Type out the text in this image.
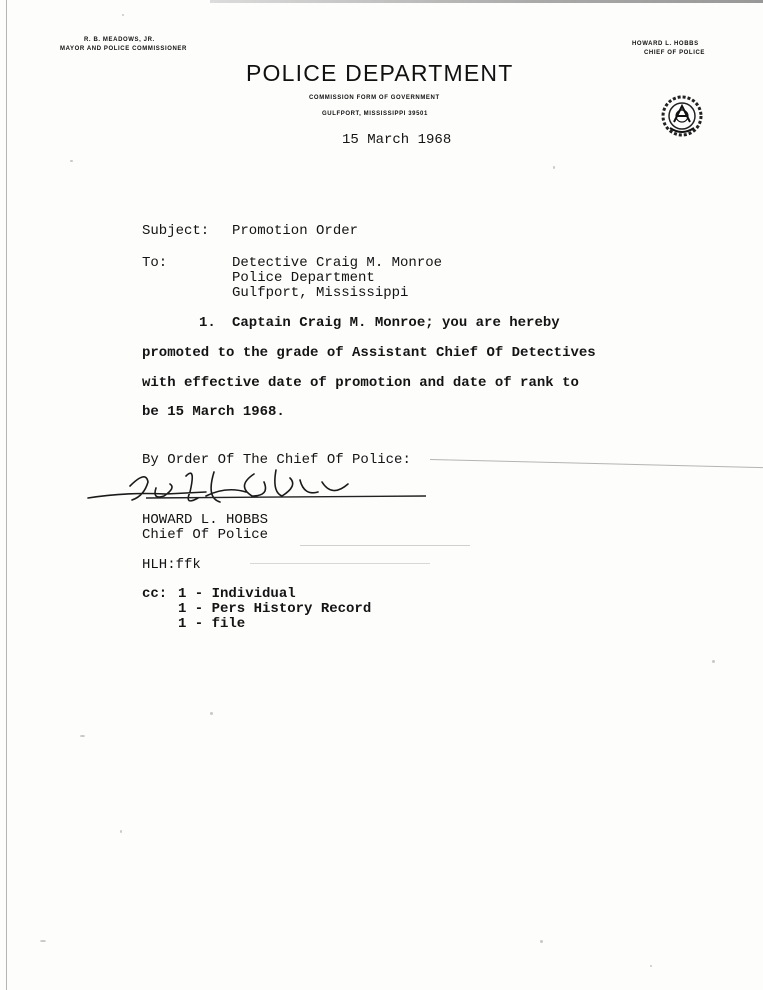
R. B. MEADOWS, JR.
MAYOR AND POLICE COMMISSIONER
HOWARD L. HOBBS
CHIEF OF POLICE
POLICE DEPARTMENT
COMMISSION FORM OF GOVERNMENT
GULFPORT, MISSISSIPPI 39501
15 March 1968
Subject: Promotion Order
To:	Detective Craig M. Monroe
Police Department
Gulfport, Mississippi
1. Captain Craig M. Monroe; you are hereby
promoted to the grade of Assistant Chief Of Detectives
with effective date of promotion and date of rank to
be 15 March 1968.
By Order Of The Chief Of Police:
HOWARD L. HOBBS
Chief Of Police
HLH:ffk
cc: 1 - Individual
1 - Pers History Record
1 - file
